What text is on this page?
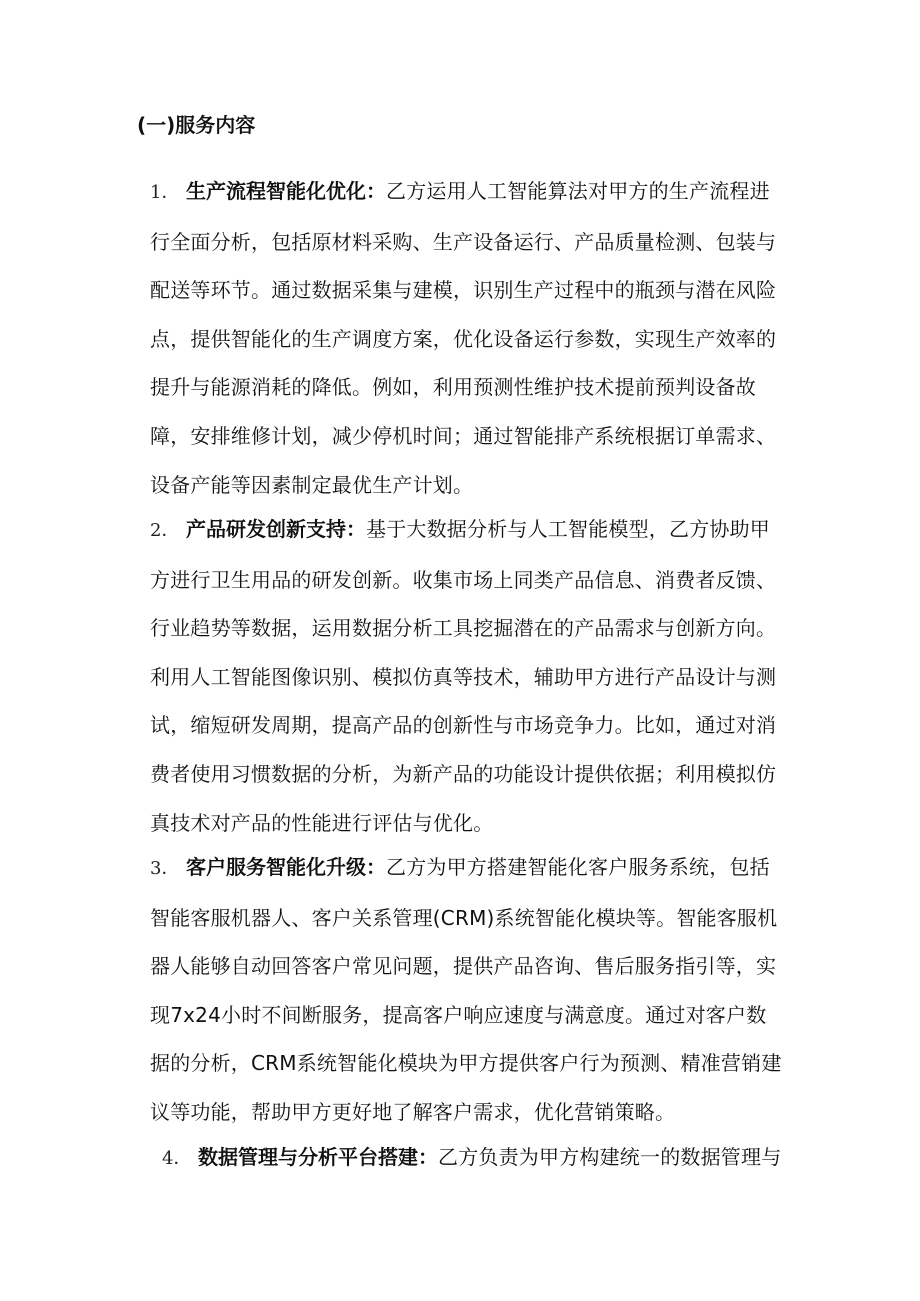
(一)服务内容
1． 生产流程智能化优化：乙方运用人工智能算法对甲方的生产流程进行全面分析，包括原材料采购、生产设备运行、产品质量检测、包装与配送等环节。通过数据采集与建模，识别生产过程中的瓶颈与潜在风险点，提供智能化的生产调度方案，优化设备运行参数，实现生产效率的提升与能源消耗的降低。例如，利用预测性维护技术提前预判设备故障，安排维修计划，减少停机时间；通过智能排产系统根据订单需求、设备产能等因素制定最优生产计划。
2． 产品研发创新支持：基于大数据分析与人工智能模型，乙方协助甲方进行卫生用品的研发创新。收集市场上同类产品信息、消费者反馈、行业趋势等数据，运用数据分析工具挖掘潜在的产品需求与创新方向。利用人工智能图像识别、模拟仿真等技术，辅助甲方进行产品设计与测试，缩短研发周期，提高产品的创新性与市场竞争力。比如，通过对消费者使用习惯数据的分析，为新产品的功能设计提供依据；利用模拟仿真技术对产品的性能进行评估与优化。
3． 客户服务智能化升级：乙方为甲方搭建智能化客户服务系统，包括智能客服机器人、客户关系管理(CRM)系统智能化模块等。智能客服机器人能够自动回答客户常见问题，提供产品咨询、售后服务指引等，实现7x24小时不间断服务，提高客户响应速度与满意度。通过对客户数据的分析，CRM系统智能化模块为甲方提供客户行为预测、精准营销建议等功能，帮助甲方更好地了解客户需求，优化营销策略。
4． 数据管理与分析平台搭建：乙方负责为甲方构建统一的数据管理与
